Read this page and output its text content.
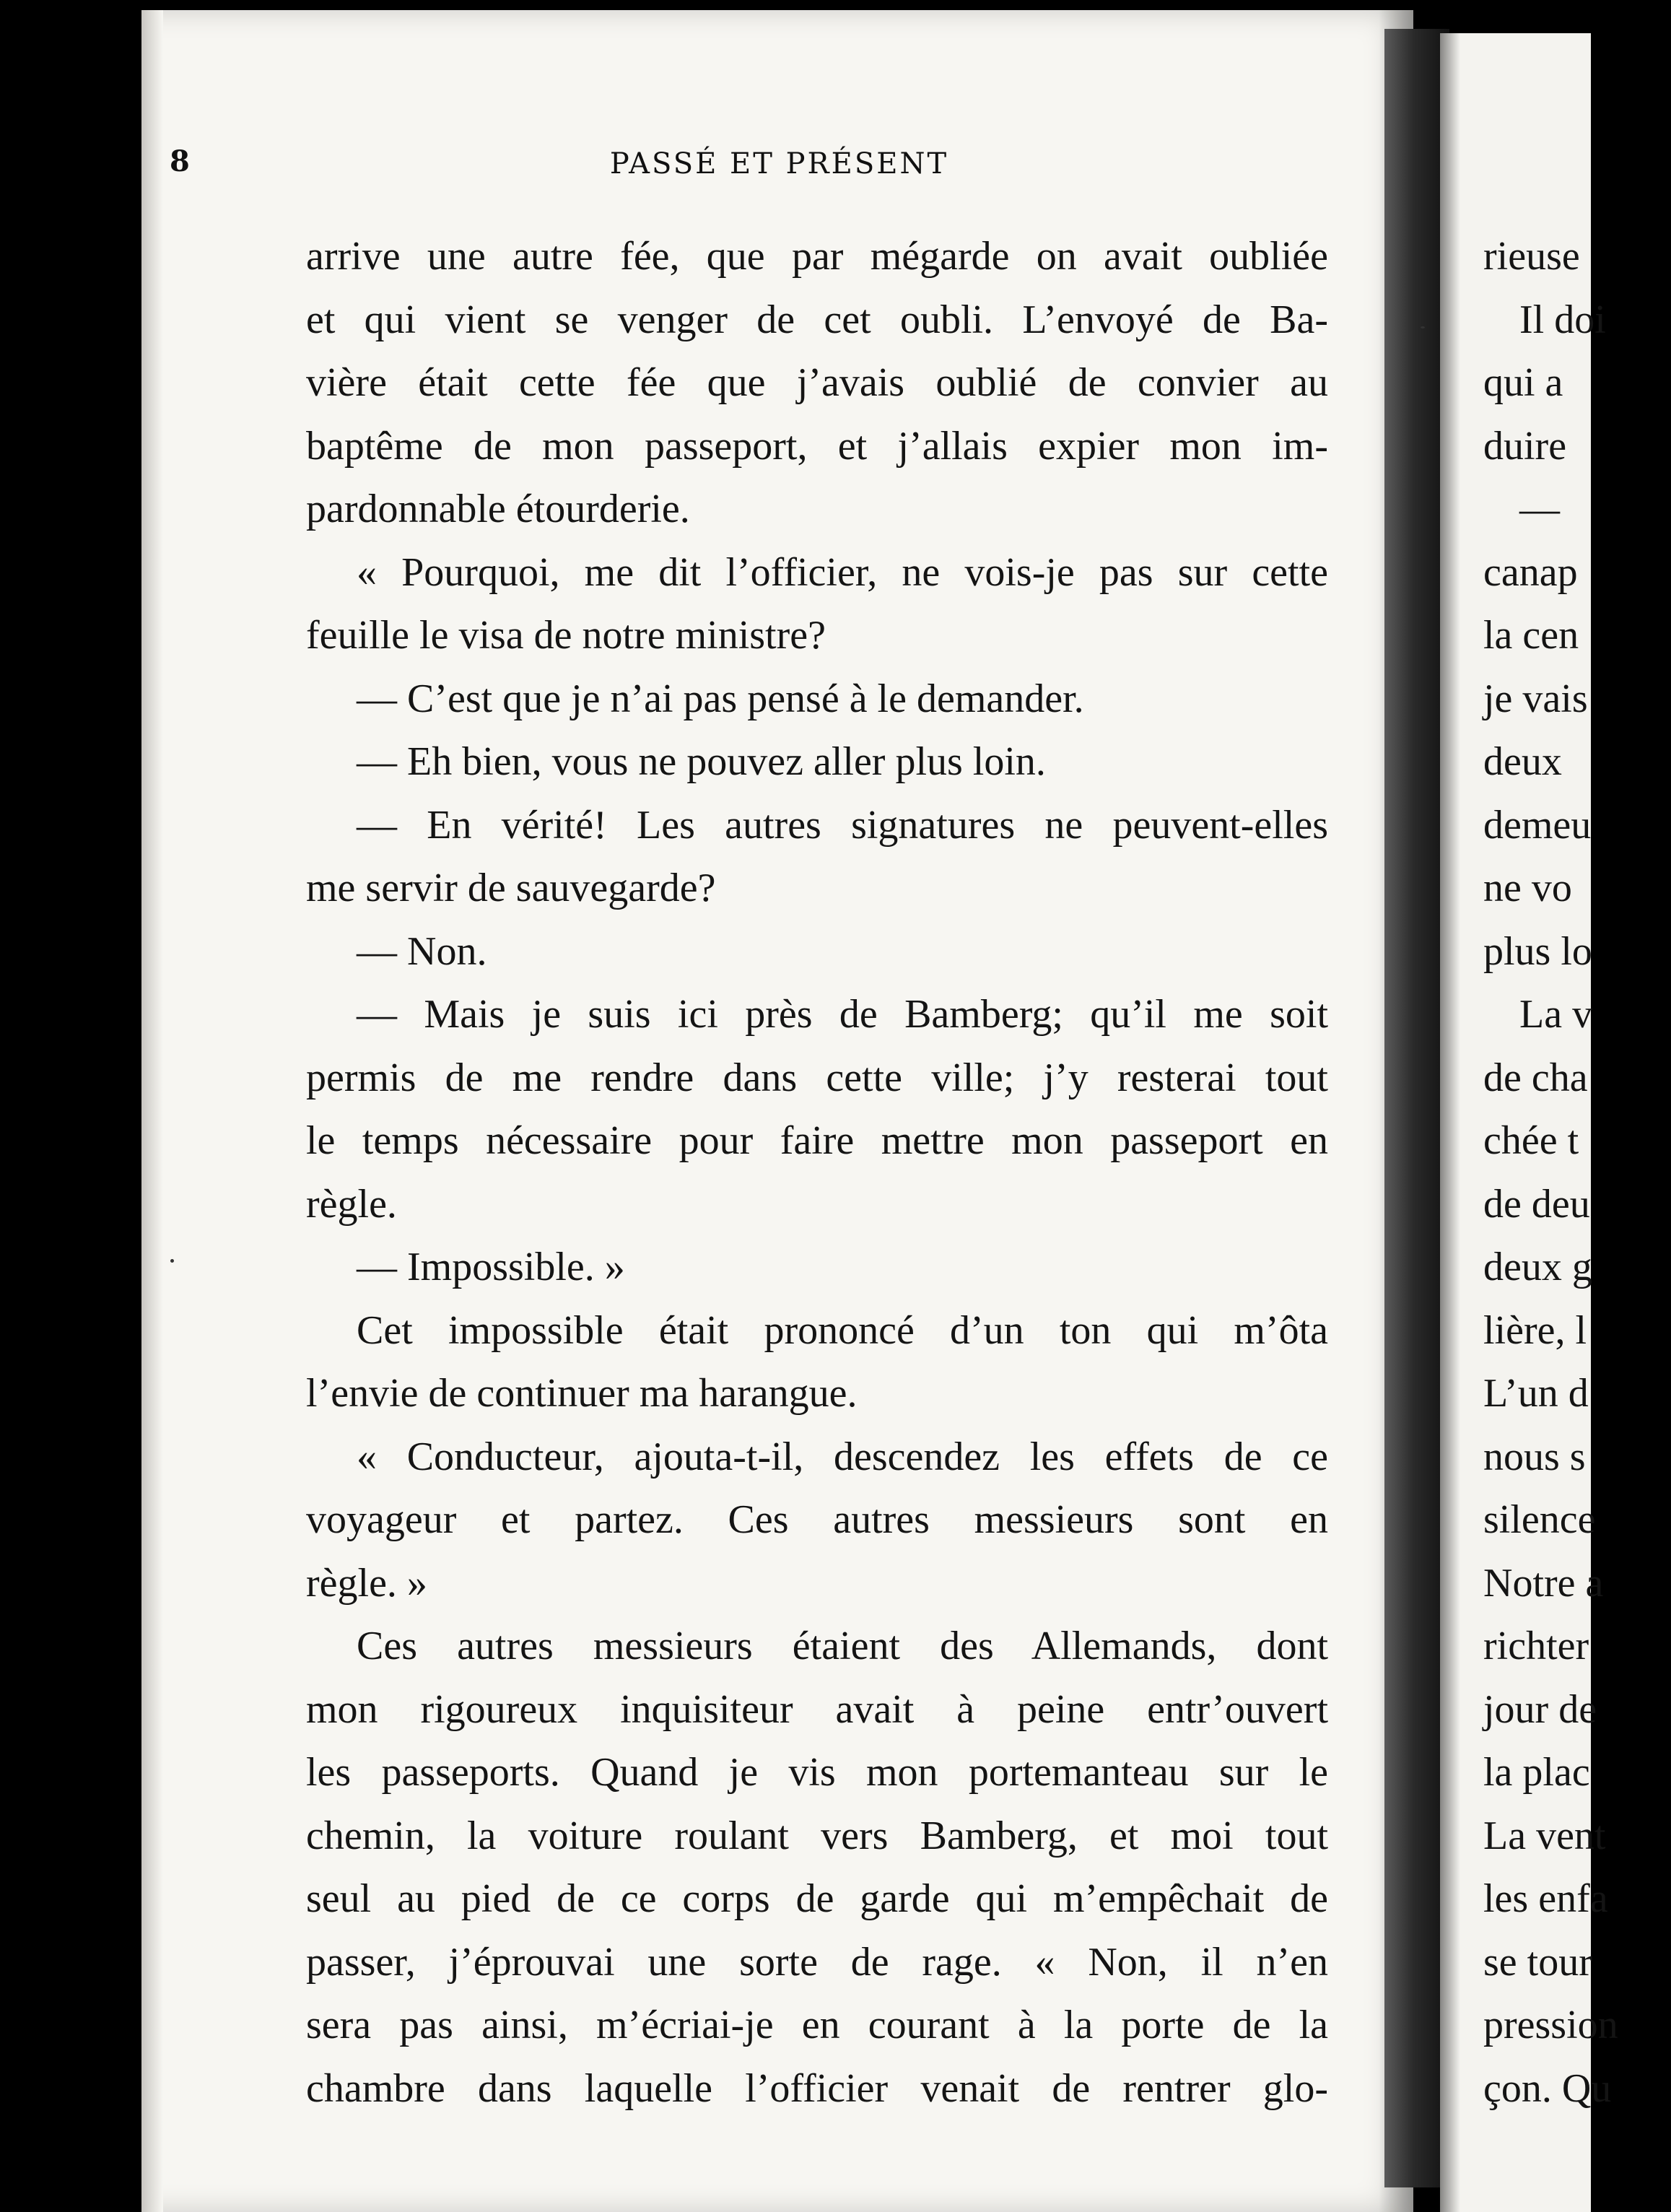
8	PASSÉ ET PRÉSENT
arrive une autre fée, que par mégarde on avait oubliée
et qui vient se venger de cet oubli. L’envoyé de Ba-
vière était cette fée que j’avais oublié de convier au
baptême de mon passeport, et j’allais expier mon im-
pardonnable étourderie.
« Pourquoi, me dit l’officier, ne vois-je pas sur cette
feuille le visa de notre ministre?
— C’est que je n’ai pas pensé à le demander.
— Eh bien, vous ne pouvez aller plus loin.
— En vérité! Les autres signatures ne peuvent-elles
me servir de sauvegarde?
— Non.
— Mais je suis ici près de Bamberg; qu’il me soit
permis de me rendre dans cette ville; j’y resterai tout
le temps nécessaire pour faire mettre mon passeport en
règle.
— Impossible. »
Cet impossible était prononcé d’un ton qui m’ôta
l’envie de continuer ma harangue.
« Conducteur, ajouta-t-il, descendez les effets de ce
voyageur et partez. Ces autres messieurs sont en
règle. »
Ces autres messieurs étaient des Allemands, dont
mon rigoureux inquisiteur avait à peine entr’ouvert
les passeports. Quand je vis mon portemanteau sur le
chemin, la voiture roulant vers Bamberg, et moi tout
seul au pied de ce corps de garde qui m’empêchait de
passer, j’éprouvai une sorte de rage. « Non, il n’en
sera pas ainsi, m’écriai-je en courant à la porte de la
chambre dans laquelle l’officier venait de rentrer glo-
rieuse
Il doi
qui a
duire
—
canap
la cen
je vais
deux
demeu
ne vo
plus lo
La v
de cha
chée t
de deu
deux g
lière, l
L’un d
nous s
silence
Notre a
richter
jour de
la plac
La vent
les enfa
se tour
pression
çon. Qu
